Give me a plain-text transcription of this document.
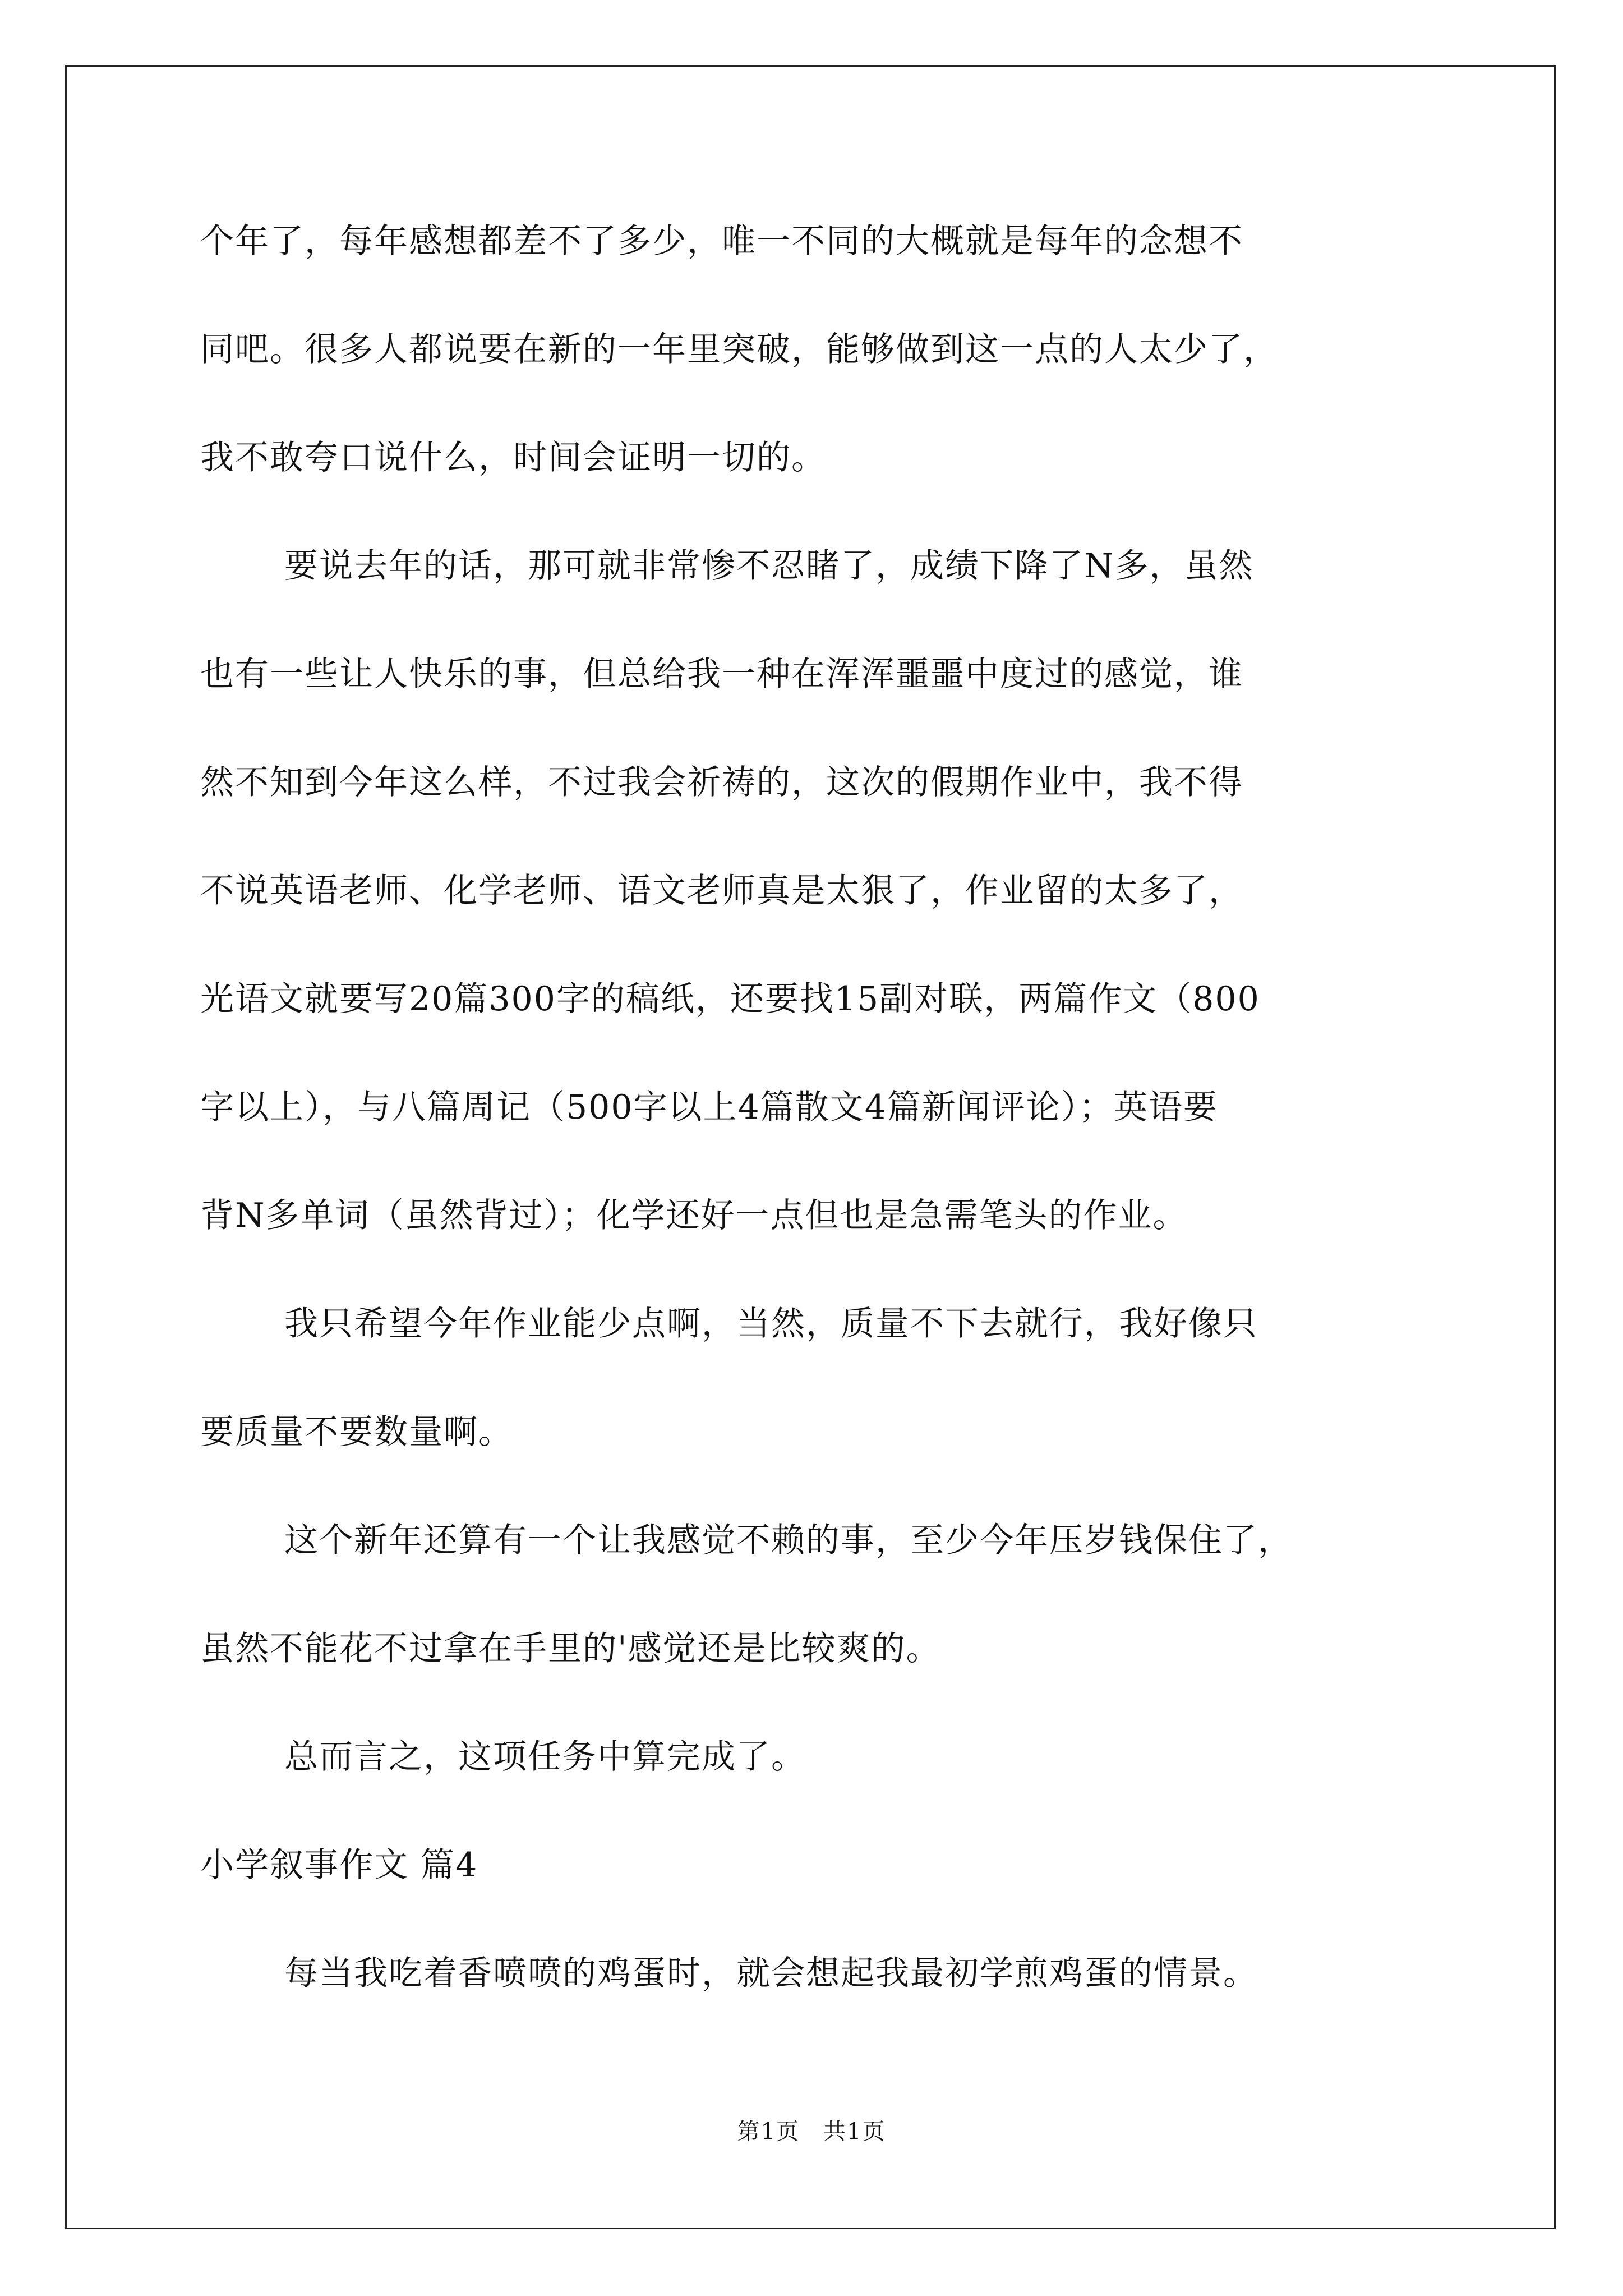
个年了，每年感想都差不了多少，唯一不同的大概就是每年的念想不
同吧。很多人都说要在新的一年里突破，能够做到这一点的人太少了，
我不敢夸口说什么，时间会证明一切的。
要说去年的话，那可就非常惨不忍睹了，成绩下降了N多，虽然
也有一些让人快乐的事，但总给我一种在浑浑噩噩中度过的感觉，谁
然不知到今年这么样，不过我会祈祷的，这次的假期作业中，我不得
不说英语老师、化学老师、语文老师真是太狠了，作业留的太多了，
光语文就要写20篇300字的稿纸，还要找15副对联，两篇作文（800
字以上），与八篇周记（500字以上4篇散文4篇新闻评论）；英语要
背N多单词（虽然背过）；化学还好一点但也是急需笔头的作业。
我只希望今年作业能少点啊，当然，质量不下去就行，我好像只
要质量不要数量啊。
这个新年还算有一个让我感觉不赖的事，至少今年压岁钱保住了，
虽然不能花不过拿在手里的'感觉还是比较爽的。
总而言之，这项任务中算完成了。
小学叙事作文 篇4
每当我吃着香喷喷的鸡蛋时，就会想起我最初学煎鸡蛋的情景。
第1页　共1页
